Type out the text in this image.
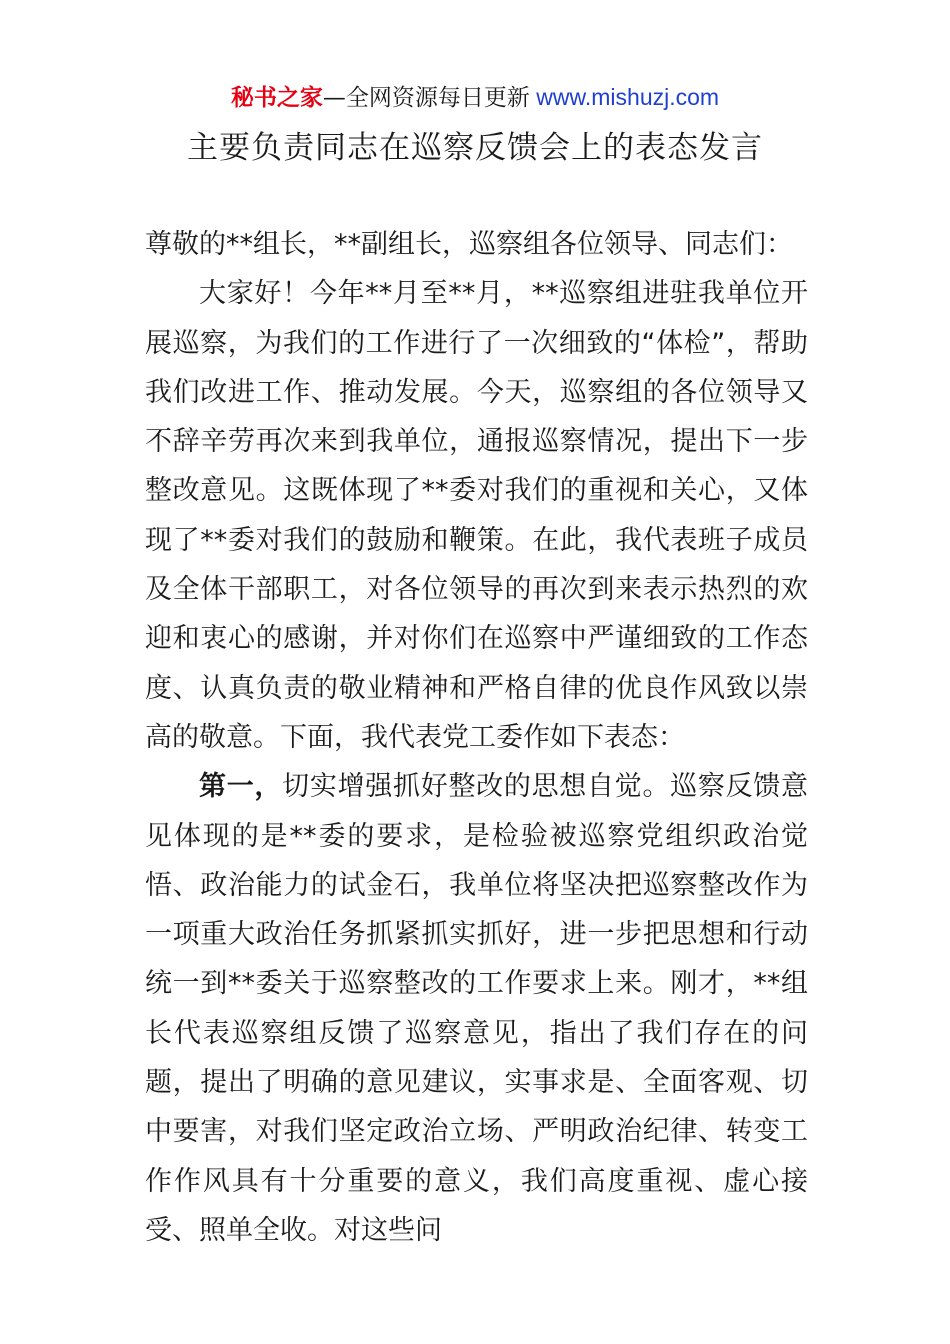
秘书之家—全网资源每日更新 www.mishuzj.com
主要负责同志在巡察反馈会上的表态发言

尊敬的**组长，**副组长，巡察组各位领导、同志们：

大家好！今年**月至**月，**巡察组进驻我单位开展巡察，为我们的工作进行了一次细致的“体检”，帮助我们改进工作、推动发展。今天，巡察组的各位领导又不辞辛劳再次来到我单位，通报巡察情况，提出下一步整改意见。这既体现了**委对我们的重视和关心，又体现了**委对我们的鼓励和鞭策。在此，我代表班子成员及全体干部职工，对各位领导的再次到来表示热烈的欢迎和衷心的感谢，并对你们在巡察中严谨细致的工作态度、认真负责的敬业精神和严格自律的优良作风致以崇高的敬意。下面，我代表党工委作如下表态：

第一，切实增强抓好整改的思想自觉。巡察反馈意见体现的是**委的要求，是检验被巡察党组织政治觉悟、政治能力的试金石，我单位将坚决把巡察整改作为一项重大政治任务抓紧抓实抓好，进一步把思想和行动统一到**委关于巡察整改的工作要求上来。刚才，**组长代表巡察组反馈了巡察意见，指出了我们存在的问题，提出了明确的意见建议，实事求是、全面客观、切中要害，对我们坚定政治立场、严明政治纪律、转变工作作风具有十分重要的意义，我们高度重视、虚心接受、照单全收。对这些问
